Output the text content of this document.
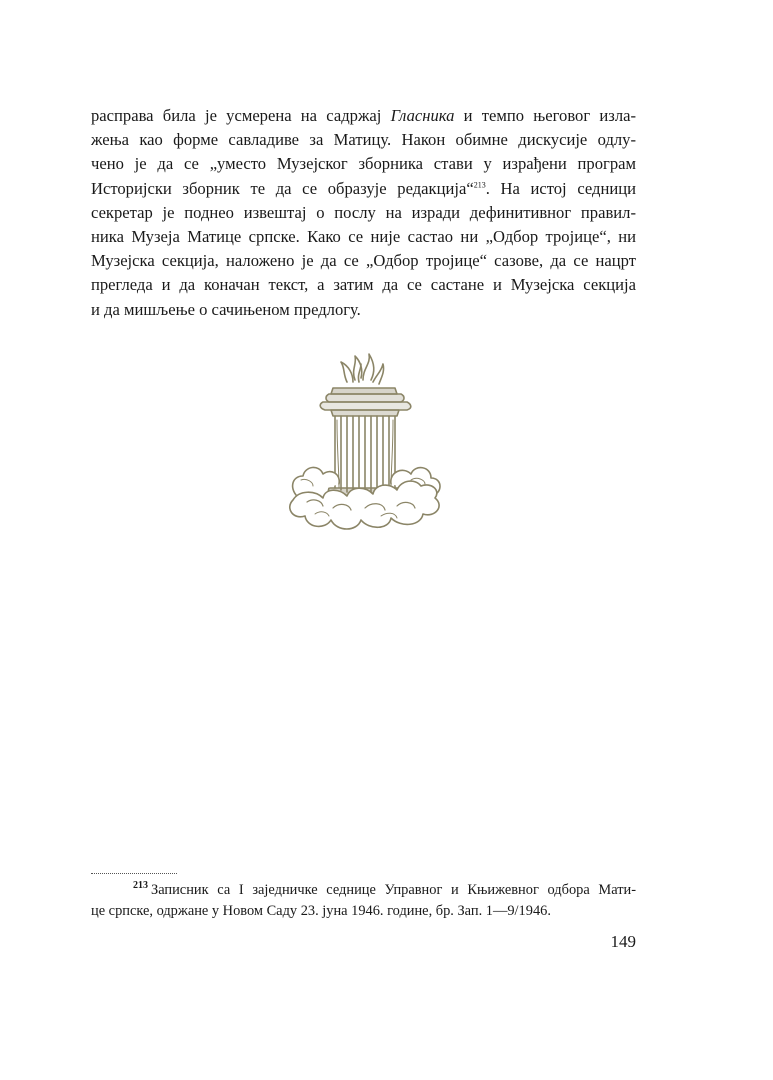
расправа била је усмерена на садржај Гласника и темпо његовог изла-
жења као форме савладиве за Матицу. Након обимне дискусије одлу-
чено је да се „уместо Музејског зборника стави у израђени програм
Историјски зборник те да се образује редакција“$^{213}$. На истој седници
секретар је поднео извештај о послу на изради дефинитивног правил-
ника Музеја Матице српске. Како се није састао ни „Одбор тројице“, ни
Музејска секција, наложено је да се „Одбор тројице“ сазове, да се нацрт
прегледа и да коначан текст, а затим да се састане и Музејска секција
и да мишљење о сачињеном предлогу.
$^{213}$ Записник са I заједничке седнице Управног и Књижевног одбора Мати-
це српске, одржане у Новом Саду 23. јуна 1946. године, бр. Зап. 1—9/1946.
149
